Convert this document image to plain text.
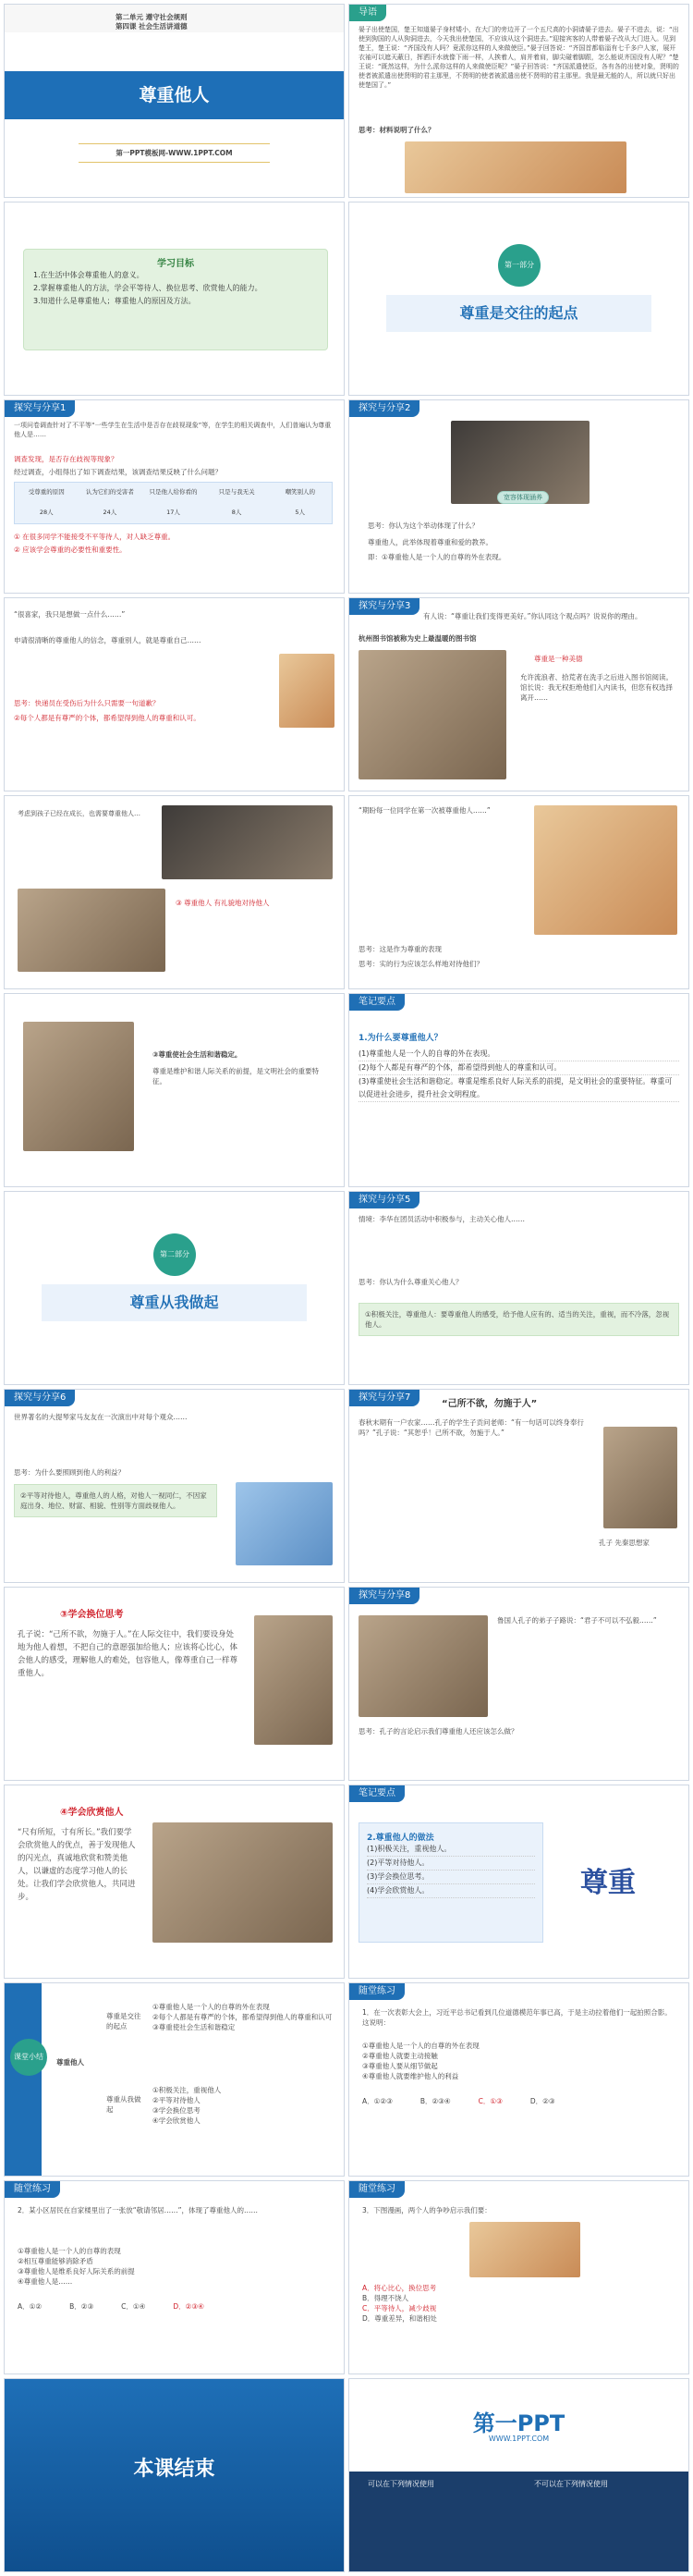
第二单元 遵守社会规则
第四课 社会生活讲道德
尊重他人
第一PPT模板网-WWW.1PPT.COM
导语
晏子出使楚国，楚王知道晏子身材矮小，在大门的旁边开了一个五尺高的小洞请晏子进去。晏子不进去，说：“出使到狗国的人从狗洞进去，今天我出使楚国，不应该从这个洞进去。”迎接宾客的人带着晏子改从大门进入。见到楚王，楚王说：“齐国没有人吗？竟派你这样的人来做使臣。”晏子回答说：“齐国首都临淄有七千多户人家，展开衣袖可以遮天蔽日，挥洒汗水就像下雨一样，人挨着人，肩并着肩，脚尖碰着脚跟，怎么能说齐国没有人呢？”楚王说：“既然这样，为什么派你这样的人来做使臣呢？”晏子回答说：“齐国派遣使臣，各有各的出使对象，贤明的使者被派遣出使贤明的君主那里，不贤明的使者被派遣出使不贤明的君主那里。我是最无能的人，所以就只好出使楚国了。”
思考：材料说明了什么？
学习目标
1.在生活中体会尊重他人的意义。
2.掌握尊重他人的方法，学会平等待人、换位思考、欣赏他人的能力。
3.知道什么是尊重他人；尊重他人的原因及方法。
第一部分
尊重是交往的起点
探究与分享1
一项问卷调查针对了不平等“一些学生在生活中是否存在歧视现象”等，在学生的相关调查中，人们普遍认为尊重他人是……
调查发现，是否存在歧视等现象？
经过调查，小组得出了如下调查结果，该调查结果反映了什么问题？
受尊重的原因	认为它们的受害者	只是他人给你看的	只是与我无关	嘲笑别人的
28人	24人	17人	8人	5人
① 在很多同学不能接受不平等待人，对人缺乏尊重。
② 应该学会尊重的必要性和重要性。
探究与分享2
宽容体现涵养
思考：你认为这个举动体现了什么？
尊重他人，此举体现着尊重和爱的教养。
即：①尊重他人是一个人的自尊的外在表现。
“很喜家，我只是想做一点什么……”
申请很清晰的尊重他人的信念，尊重别人，就是尊重自己……
思考：快递员在受伤后为什么只需要一句道歉？
②每个人都是有尊严的个体，都希望得到他人的尊重和认可。
探究与分享3
有人说：“尊重让我们变得更美好。”你认同这个观点吗？说说你的理由。
杭州图书馆被称为史上最温暖的图书馆
尊重是一种美德
允许流浪者、拾荒者在洗手之后进入图书馆阅读。馆长说：我无权拒绝他们入内读书，但您有权选择离开……
考虑到孩子已经在成长，也需要尊重他人…
③ 尊重他人 有礼貌地对待他人
“期盼每一位同学在第一次被尊重他人……”
思考：这是作为尊重的表现
思考：实的行为应该怎么样地对待他们？
③尊重使社会生活和谐稳定。
尊重是维护和谐人际关系的前提，是文明社会的重要特征。
笔记要点
1.为什么要尊重他人？
(1)尊重他人是一个人的自尊的外在表现。
(2)每个人都是有尊严的个体，都希望得到他人的尊重和认可。
(3)尊重使社会生活和谐稳定。尊重是维系良好人际关系的前提，是文明社会的重要特征。尊重可以促进社会进步，提升社会文明程度。
第二部分
尊重从我做起
探究与分享5
情境：李华在团员活动中积极参与，主动关心他人……
思考：你认为什么尊重关心他人？
①积极关注，尊重他人：要尊重他人的感受，给予他人应有的、适当的关注，重视，而不冷落，忽视他人。
探究与分享6
世界著名的大提琴家马友友在一次演出中对每个观众……
思考：为什么要照顾到他人的利益？
②平等对待他人，尊重他人的人格，对他人一视同仁，不因家庭出身、地位、财富、相貌、性别等方面歧视他人。
探究与分享7
“己所不欲，勿施于人”
春秋末期有一户农家……孔子的学生子贡问老师：“有一句话可以终身奉行吗？”孔子说：“其恕乎！己所不欲，勿施于人。”
孔子 先秦思想家
③学会换位思考
孔子说：“己所不欲，勿施于人。”在人际交往中，我们要设身处地为他人着想，不把自己的意愿强加给他人；应该将心比心，体会他人的感受，理解他人的难处，包容他人，像尊重自己一样尊重他人。
探究与分享8
鲁国人孔子的弟子子路说：“君子不可以不弘毅……”
思考：孔子的言论启示我们尊重他人还应该怎么做？
④学会欣赏他人
“尺有所短，寸有所长。”我们要学会欣赏他人的优点，善于发现他人的闪光点，真诚地欣赏和赞美他人，以谦虚的态度学习他人的长处。让我们学会欣赏他人，共同进步。
笔记要点
2.尊重他人的做法
(1)积极关注，重视他人。
(2)平等对待他人。
(3)学会换位思考。
(4)学会欣赏他人。	尊重
课堂小结
尊重他人
尊重是交往的起点
尊重从我做起
①尊重他人是一个人的自尊的外在表现
②每个人都是有尊严的个体，都希望得到他人的尊重和认可
③尊重使社会生活和谐稳定
①积极关注，重视他人
②平等对待他人
③学会换位思考
④学会欣赏他人
随堂练习
1．在一次表彰大会上，习近平总书记看到几位道德模范年事已高，于是主动拉着他们一起拍照合影。这说明：
①尊重他人是一个人的自尊的外在表现
②尊重他人就要主动接触
③尊重他人要从细节做起
④尊重他人就要维护他人的利益
A．①②③	B．②③④	C．①③	D．②③
随堂练习
2．某小区居民在自家楼里出了一张放“敬请邻居……”，体现了尊重他人的……
①尊重他人是一个人的自尊的表现
②相互尊重能够消除矛盾
③尊重他人是维系良好人际关系的前提
④尊重他人是……
A．①②	B．②③	C．①④	D．②③④
随堂练习
3．下图漫画，两个人的争吵启示我们要：
A．将心比心，换位思考
B．得理不饶人
C．平等待人，减少歧视
D．尊重差异，和谐相处
本课结束
第一PPT
WWW.1PPT.COM
可以在下列情况使用	不可以在下列情况使用
